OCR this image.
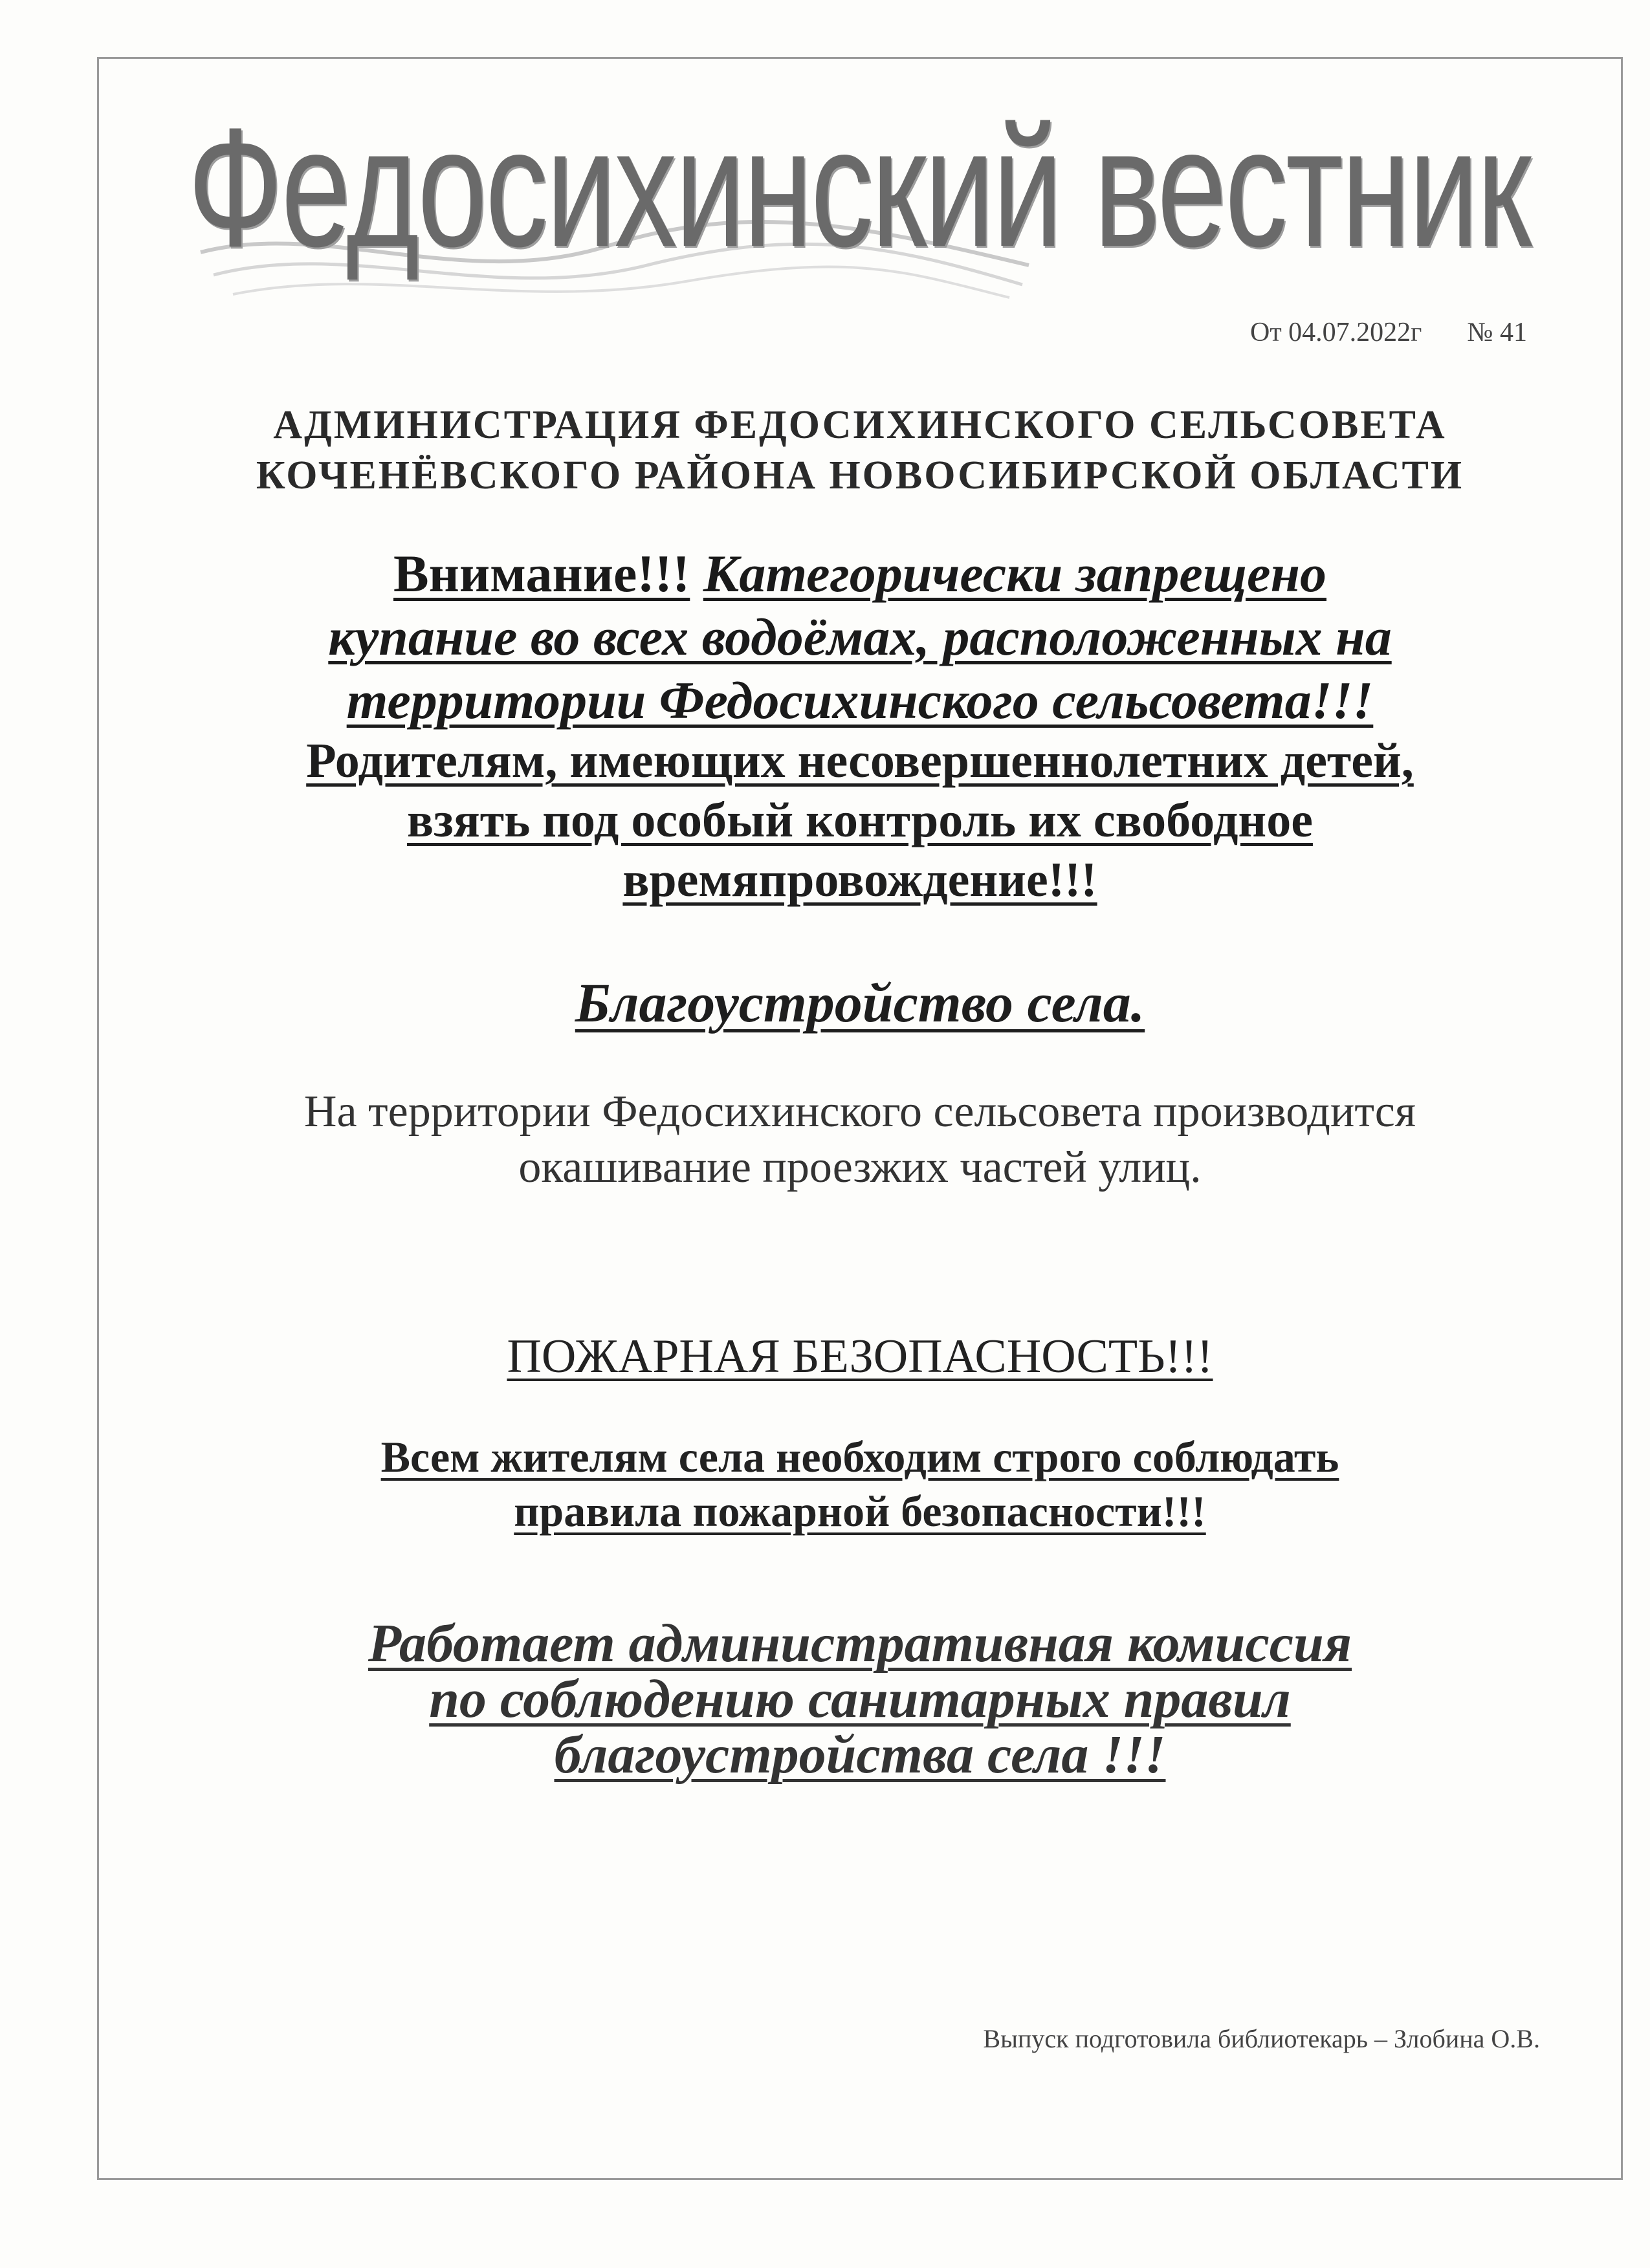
Федосихинский вестник
От 04.07.2022г № 41
АДМИНИСТРАЦИЯ ФЕДОСИХИНСКОГО СЕЛЬСОВЕТА
КОЧЕНЁВСКОГО РАЙОНА НОВОСИБИРСКОЙ ОБЛАСТИ
Внимание!!! Категорически запрещено
купание во всех водоёмах, расположенных на
территории Федосихинского сельсовета!!!
Родителям, имеющих несовершеннолетних детей,
взять под особый контроль их свободное
времяпровождение!!!
Благоустройство села.
На территории Федосихинского сельсовета производится
окашивание проезжих частей улиц.
ПОЖАРНАЯ БЕЗОПАСНОСТЬ!!!
Всем жителям села необходим строго соблюдать
правила пожарной безопасности!!!
Работает административная комиссия
по соблюдению санитарных правил
благоустройства села !!!
Выпуск подготовила библиотекарь – Злобина О.В.
